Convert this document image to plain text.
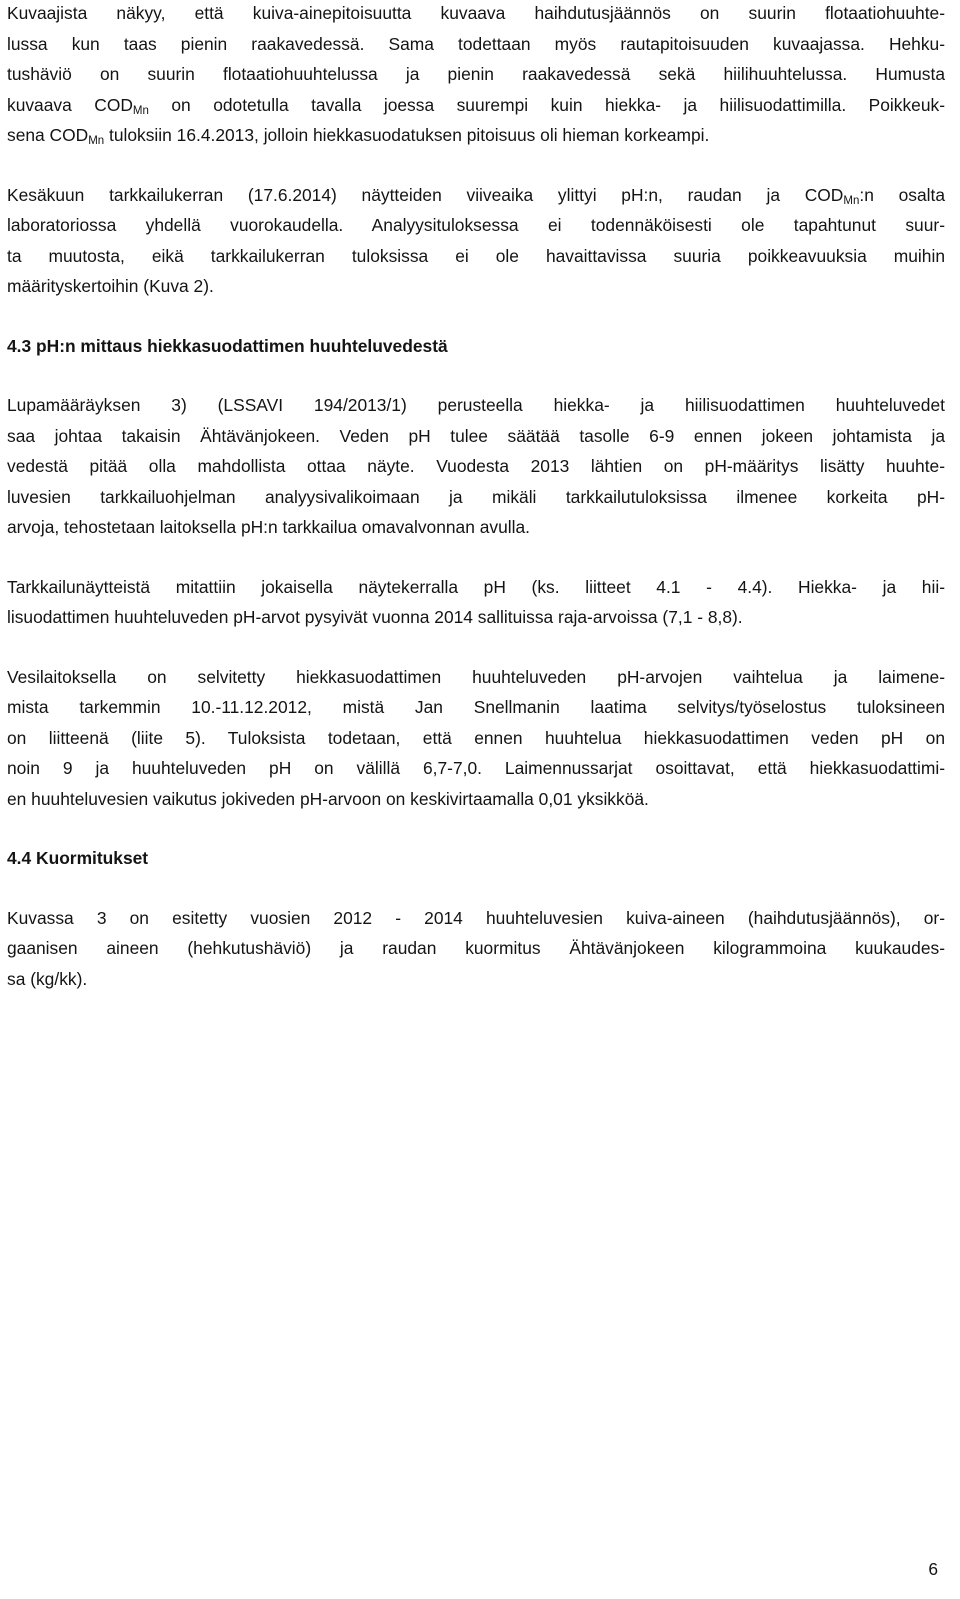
Kuvaajista näkyy, että kuiva-ainepitoisuutta kuvaava haihdutusjäännös on suurin flotaatiohuuhte-
lussa kun taas pienin raakavedessä. Sama todettaan myös rautapitoisuuden kuvaajassa. Hehku-
tushäviö on suurin flotaatiohuuhtelussa ja pienin raakavedessä sekä hiilihuuhtelussa. Humusta
kuvaava $COD_{Mn}$ on odotetulla tavalla joessa suurempi kuin hiekka- ja hiilisuodattimilla. Poikkeuk-
sena $COD_{Mn}$ tuloksiin 16.4.2013, jolloin hiekkasuodatuksen pitoisuus oli hieman korkeampi.

Kesäkuun tarkkailukerran (17.6.2014) näytteiden viiveaika ylittyi pH:n, raudan ja $COD_{Mn}:n$ osalta
laboratoriossa yhdellä vuorokaudella. Analyysituloksessa ei todennäköisesti ole tapahtunut suur-
ta muutosta, eikä tarkkailukerran tuloksissa ei ole havaittavissa suuria poikkeavuuksia muihin
määrityskertoihin (Kuva 2).

4.3 pH:n mittaus hiekkasuodattimen huuhteluvedestä

Lupamääräyksen 3) (LSSAVI 194/2013/1) perusteella hiekka- ja hiilisuodattimen huuhteluvedet
saa johtaa takaisin Ähtävänjokeen. Veden pH tulee säätää tasolle 6-9 ennen jokeen johtamista ja
vedestä pitää olla mahdollista ottaa näyte. Vuodesta 2013 lähtien on pH-määritys lisätty huuhte-
luvesien tarkkailuohjelman analyysivalikoimaan ja mikäli tarkkailutuloksissa ilmenee korkeita pH-
arvoja, tehostetaan laitoksella pH:n tarkkailua omavalvonnan avulla.

Tarkkailunäytteistä mitattiin jokaisella näytekerralla pH (ks. liitteet 4.1 - 4.4). Hiekka- ja hii-
lisuodattimen huuhteluveden pH-arvot pysyivät vuonna 2014 sallituissa raja-arvoissa (7,1 - 8,8).

Vesilaitoksella on selvitetty hiekkasuodattimen huuhteluveden pH-arvojen vaihtelua ja laimene-
mista tarkemmin 10.-11.12.2012, mistä Jan Snellmanin laatima selvitys/työselostus tuloksineen
on liitteenä (liite 5). Tuloksista todetaan, että ennen huuhtelua hiekkasuodattimen veden pH on
noin 9 ja huuhteluveden pH on välillä 6,7-7,0. Laimennussarjat osoittavat, että hiekkasuodattimi-
en huuhteluvesien vaikutus jokiveden pH-arvoon on keskivirtaamalla 0,01 yksikköä.

4.4 Kuormitukset

Kuvassa 3 on esitetty vuosien 2012 - 2014 huuhteluvesien kuiva-aineen (haihdutusjäännös), or-
gaanisen aineen (hehkutushäviö) ja raudan kuormitus Ähtävänjokeen kilogrammoina kuukaudes-
sa (kg/kk).

6
